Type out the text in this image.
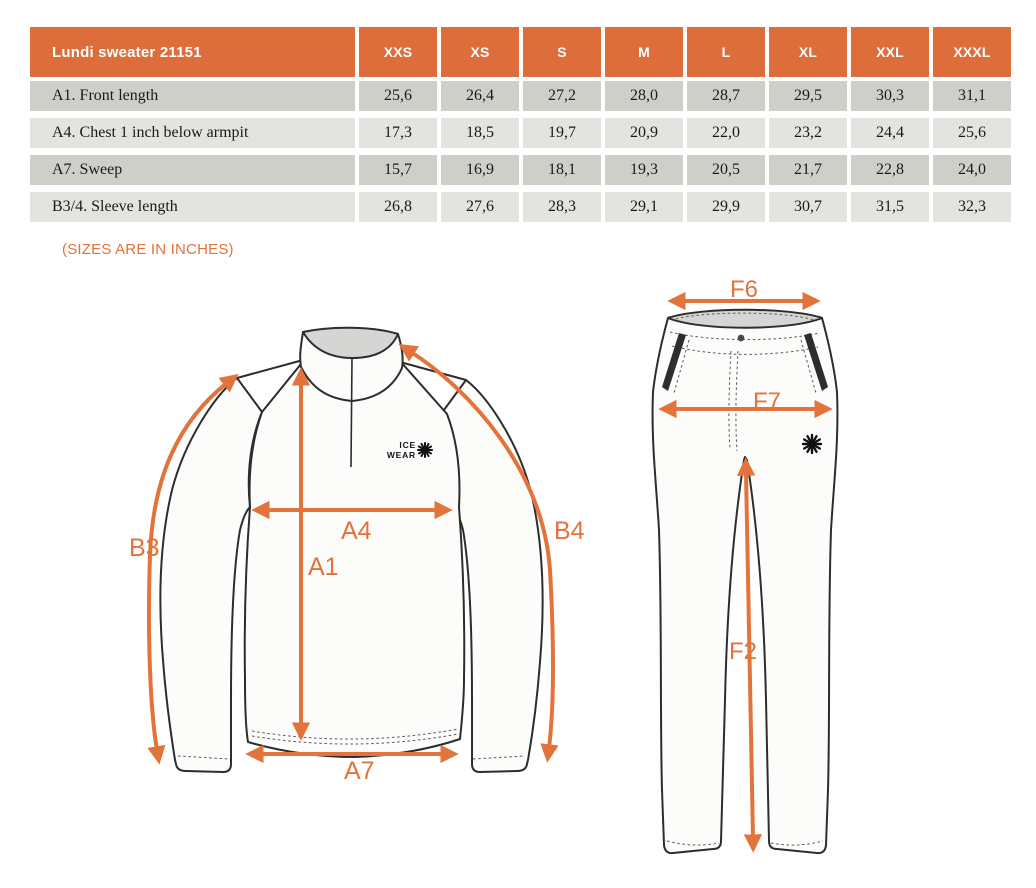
Lundi sweater 21151	XXS	XS	S	M	L	XL	XXL	XXXL
A1. Front length	25,6	26,4	27,2	28,0	28,7	29,5	30,3	31,1
A4. Chest 1 inch below armpit	17,3	18,5	19,7	20,9	22,0	23,2	24,4	25,6
A7. Sweep	15,7	16,9	18,1	19,3	20,5	21,7	22,8	24,0
B3/4. Sleeve length	26,8	27,6	28,3	29,1	29,9	30,7	31,5	32,3
(SIZES ARE IN INCHES)
B3
A4
A1
B4
A7
F6
F7
F2
ICE
WEAR
